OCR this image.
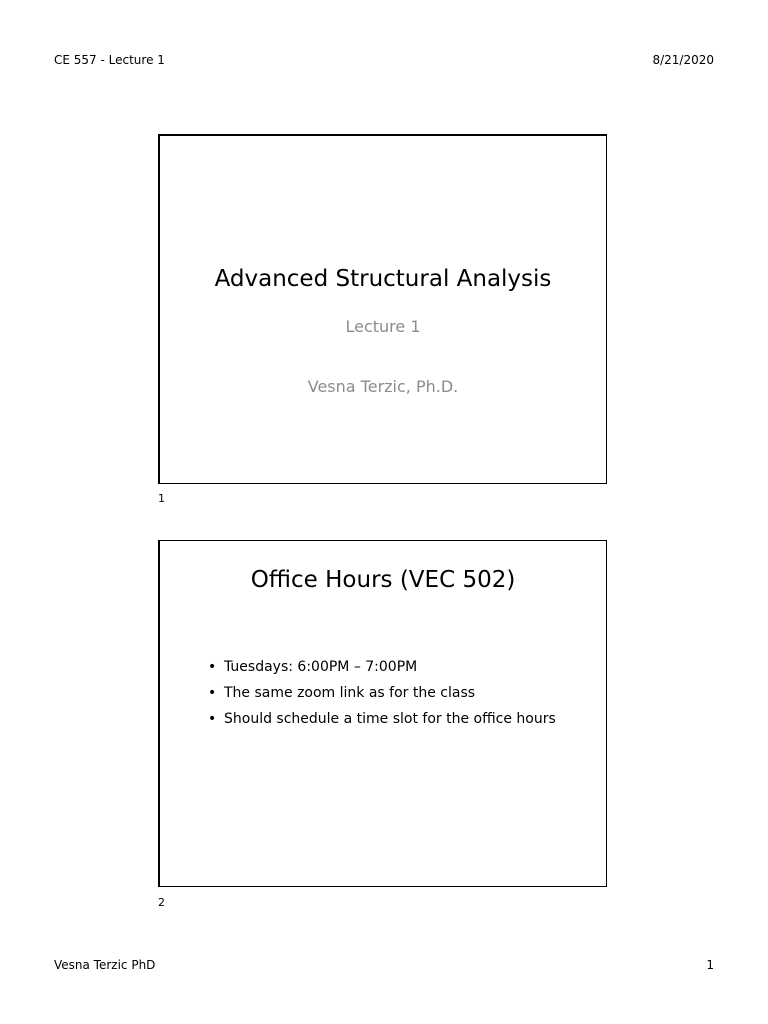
CE 557 - Lecture 1	8/21/2020
Advanced Structural Analysis
Lecture 1
Vesna Terzic, Ph.D.
1
Office Hours (VEC 502)
• Tuesdays: 6:00PM – 7:00PM
• The same zoom link as for the class
• Should schedule a time slot for the office hours
2
Vesna Terzic PhD	1
